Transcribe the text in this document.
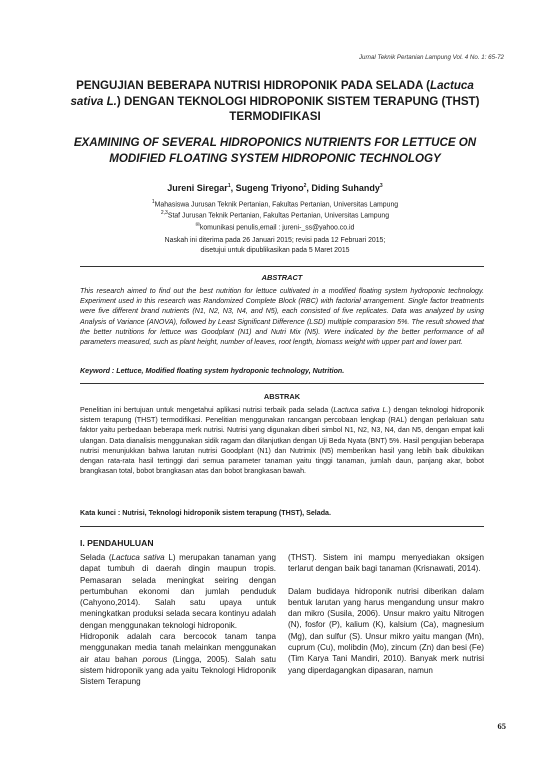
Jurnal Teknik Pertanian Lampung Vol. 4 No. 1: 65-72
PENGUJIAN BEBERAPA NUTRISI HIDROPONIK PADA SELADA (Lactuca sativa L.) DENGAN TEKNOLOGI HIDROPONIK SISTEM TERAPUNG (THST) TERMODIFIKASI
EXAMINING OF SEVERAL HIDROPONICS NUTRIENTS FOR LETTUCE ON MODIFIED FLOATING SYSTEM HIDROPONIC TECHNOLOGY
Jureni Siregar$^1$, Sugeng Triyono$^2$, Diding Suhandy$^3$
$^1$Mahasiswa Jurusan Teknik Pertanian, Fakultas Pertanian, Universitas Lampung
$^{2,3}$Staf Jurusan Teknik Pertanian, Fakultas Pertanian, Universitas Lampung
✉komunikasi penulis,email : jureni-_ss@yahoo.co.id
Naskah ini diterima pada 26 Januari 2015; revisi pada 12 Februari 2015;
disetujui untuk dipublikasikan pada 5 Maret 2015
ABSTRACT
This research aimed to find out the best nutrition for lettuce cultivated in a modified floating system hydroponic technology. Experiment used in this research was Randomized Complete Block (RBC) with factorial arrangement. Single factor treatments were five different brand nutrients (N1, N2, N3, N4, and N5), each consisted of five replicates. Data was analyzed by using Analysis of Variance (ANOVA), followed by Least Significant Difference (LSD) multiple comparasion 5%. The result showed that the better nutritions for lettuce was Goodplant (N1) and Nutri Mix (N5). Were indicated by the better performance of all parameters measured, such as plant height, number of leaves, root length, biomass weight with upper part and lower part.
Keyword : Lettuce, Modified floating system hydroponic technology, Nutrition.
ABSTRAK
Penelitian ini bertujuan untuk mengetahui aplikasi nutrisi terbaik pada selada (Lactuca sativa L.) dengan teknologi hidroponik sistem terapung (THST) termodifikasi. Penelitian menggunakan rancangan percobaan lengkap (RAL) dengan perlakuan satu faktor yaitu perbedaan beberapa merk nutrisi. Nutrisi yang digunakan diberi simbol N1, N2, N3, N4, dan N5, dengan empat kali ulangan. Data dianalisis menggunakan sidik ragam dan dilanjutkan dengan Uji Beda Nyata (BNT) 5%. Hasil pengujian beberapa nutrisi menunjukkan bahwa larutan nutrisi Goodplant (N1) dan Nutrimix (N5) memberikan hasil yang lebih baik dibuktikan dengan rata-rata hasil tertinggi dari semua parameter tanaman yaitu tinggi tanaman, jumlah daun, panjang akar, bobot brangkasan total, bobot brangkasan atas dan bobot brangkasan bawah.
Kata kunci : Nutrisi, Teknologi hidroponik sistem terapung (THST), Selada.
I. PENDAHULUAN

Selada (Lactuca sativa L) merupakan tanaman yang dapat tumbuh di daerah dingin maupun tropis. Pemasaran selada meningkat seiring dengan pertumbuhan ekonomi dan jumlah penduduk (Cahyono,2014). Salah satu upaya untuk meningkatkan produksi selada secara kontinyu adalah dengan menggunakan teknologi hidroponik.

Hidroponik adalah cara bercocok tanam tanpa menggunakan media tanah melainkan menggunakan air atau bahan porous (Lingga, 2005). Salah satu sistem hidroponik yang ada yaitu Teknologi Hidroponik Sistem Terapung

(THST). Sistem ini mampu menyediakan oksigen terlarut dengan baik bagi tanaman (Krisnawati, 2014).

Dalam budidaya hidroponik nutrisi diberikan dalam bentuk larutan yang harus mengandung unsur makro dan mikro (Susila, 2006). Unsur makro yaitu Nitrogen (N), fosfor (P), kalium (K), kalsium (Ca), magnesium (Mg), dan sulfur (S). Unsur mikro yaitu mangan (Mn), cuprum (Cu), molibdin (Mo), zincum (Zn) dan besi (Fe) (Tim Karya Tani Mandiri, 2010). Banyak merk nutrisi yang diperdagangkan dipasaran, namun

65
